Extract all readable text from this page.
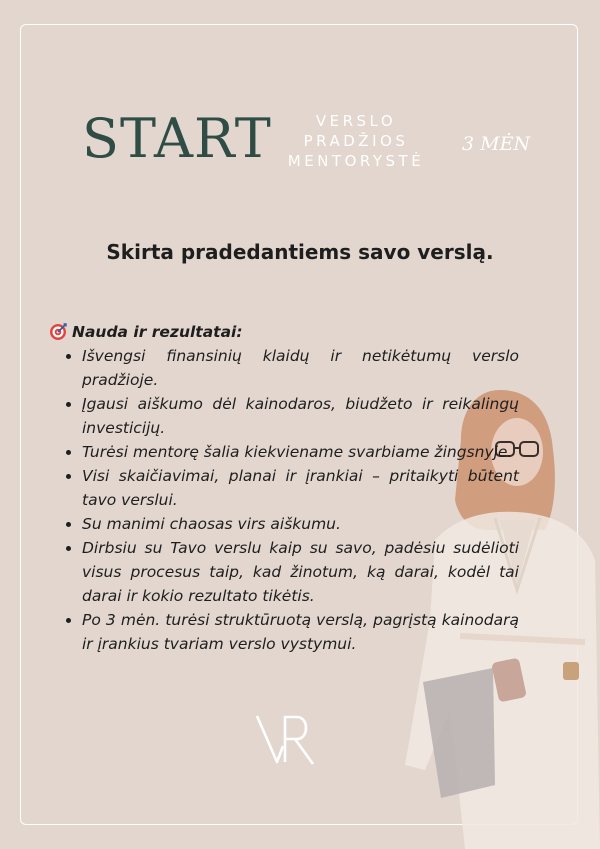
START	VERSLO
PRADŽIOS
MENTORYSTĖ
3 MĖN
Skirta pradedantiems savo verslą.
Nauda ir rezultatai:
Išvengsi finansinių klaidų ir netikėtumų verslo pradžioje.
Įgausi aiškumo dėl kainodaros, biudžeto ir reikalingų investicijų.
Turėsi mentorę šalia kiekviename svarbiame žingsnyje.
Visi skaičiavimai, planai ir įrankiai – pritaikyti būtent tavo verslui.
Su manimi chaosas virs aiškumu.
Dirbsiu su Tavo verslu kaip su savo, padėsiu sudėlioti visus procesus taip, kad žinotum, ką darai, kodėl tai darai ir kokio rezultato tikėtis.
Po 3 mėn. turėsi struktūruotą verslą, pagrįstą kainodarą ir įrankius tvariam verslo vystymui.
